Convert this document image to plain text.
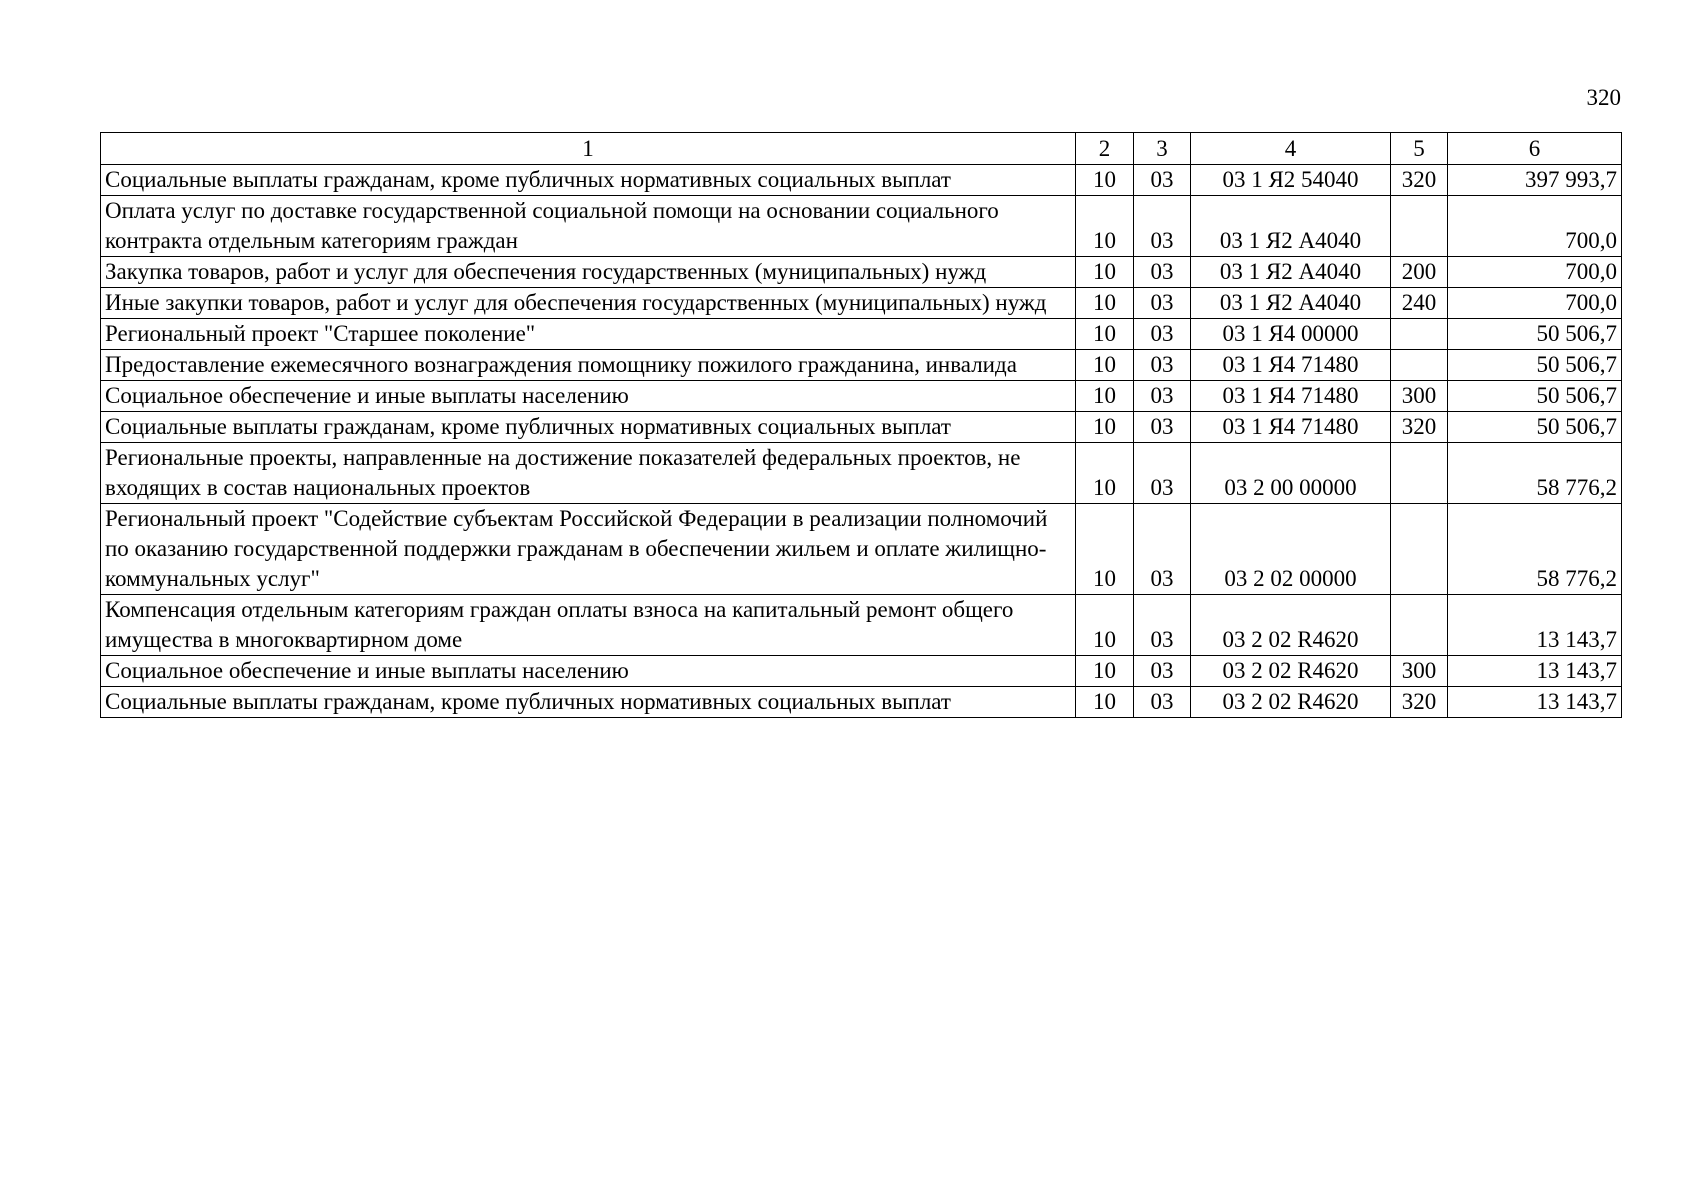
320
1	2	3	4	5	6
Социальные выплаты гражданам, кроме публичных нормативных социальных выплат	10	03	03 1 Я2 54040	320	397 993,7
Оплата услуг по доставке государственной социальной помощи на основании социального контракта отдельным категориям граждан	10	03	03 1 Я2 А4040		700,0
Закупка товаров, работ и услуг для обеспечения государственных (муниципальных) нужд	10	03	03 1 Я2 А4040	200	700,0
Иные закупки товаров, работ и услуг для обеспечения государственных (муниципальных) нужд	10	03	03 1 Я2 А4040	240	700,0
Региональный проект "Старшее поколение"	10	03	03 1 Я4 00000		50 506,7
Предоставление ежемесячного вознаграждения помощнику пожилого гражданина, инвалида	10	03	03 1 Я4 71480		50 506,7
Социальное обеспечение и иные выплаты населению	10	03	03 1 Я4 71480	300	50 506,7
Социальные выплаты гражданам, кроме публичных нормативных социальных выплат	10	03	03 1 Я4 71480	320	50 506,7
Региональные проекты, направленные на достижение показателей федеральных проектов, не входящих в состав национальных проектов	10	03	03 2 00 00000		58 776,2
Региональный проект "Содействие субъектам Российской Федерации в реализации полномочий по оказанию государственной поддержки гражданам в обеспечении жильем и оплате жилищно-коммунальных услуг"	10	03	03 2 02 00000		58 776,2
Компенсация отдельным категориям граждан оплаты взноса на капитальный ремонт общего имущества в многоквартирном доме	10	03	03 2 02 R4620		13 143,7
Социальное обеспечение и иные выплаты населению	10	03	03 2 02 R4620	300	13 143,7
Социальные выплаты гражданам, кроме публичных нормативных социальных выплат	10	03	03 2 02 R4620	320	13 143,7
